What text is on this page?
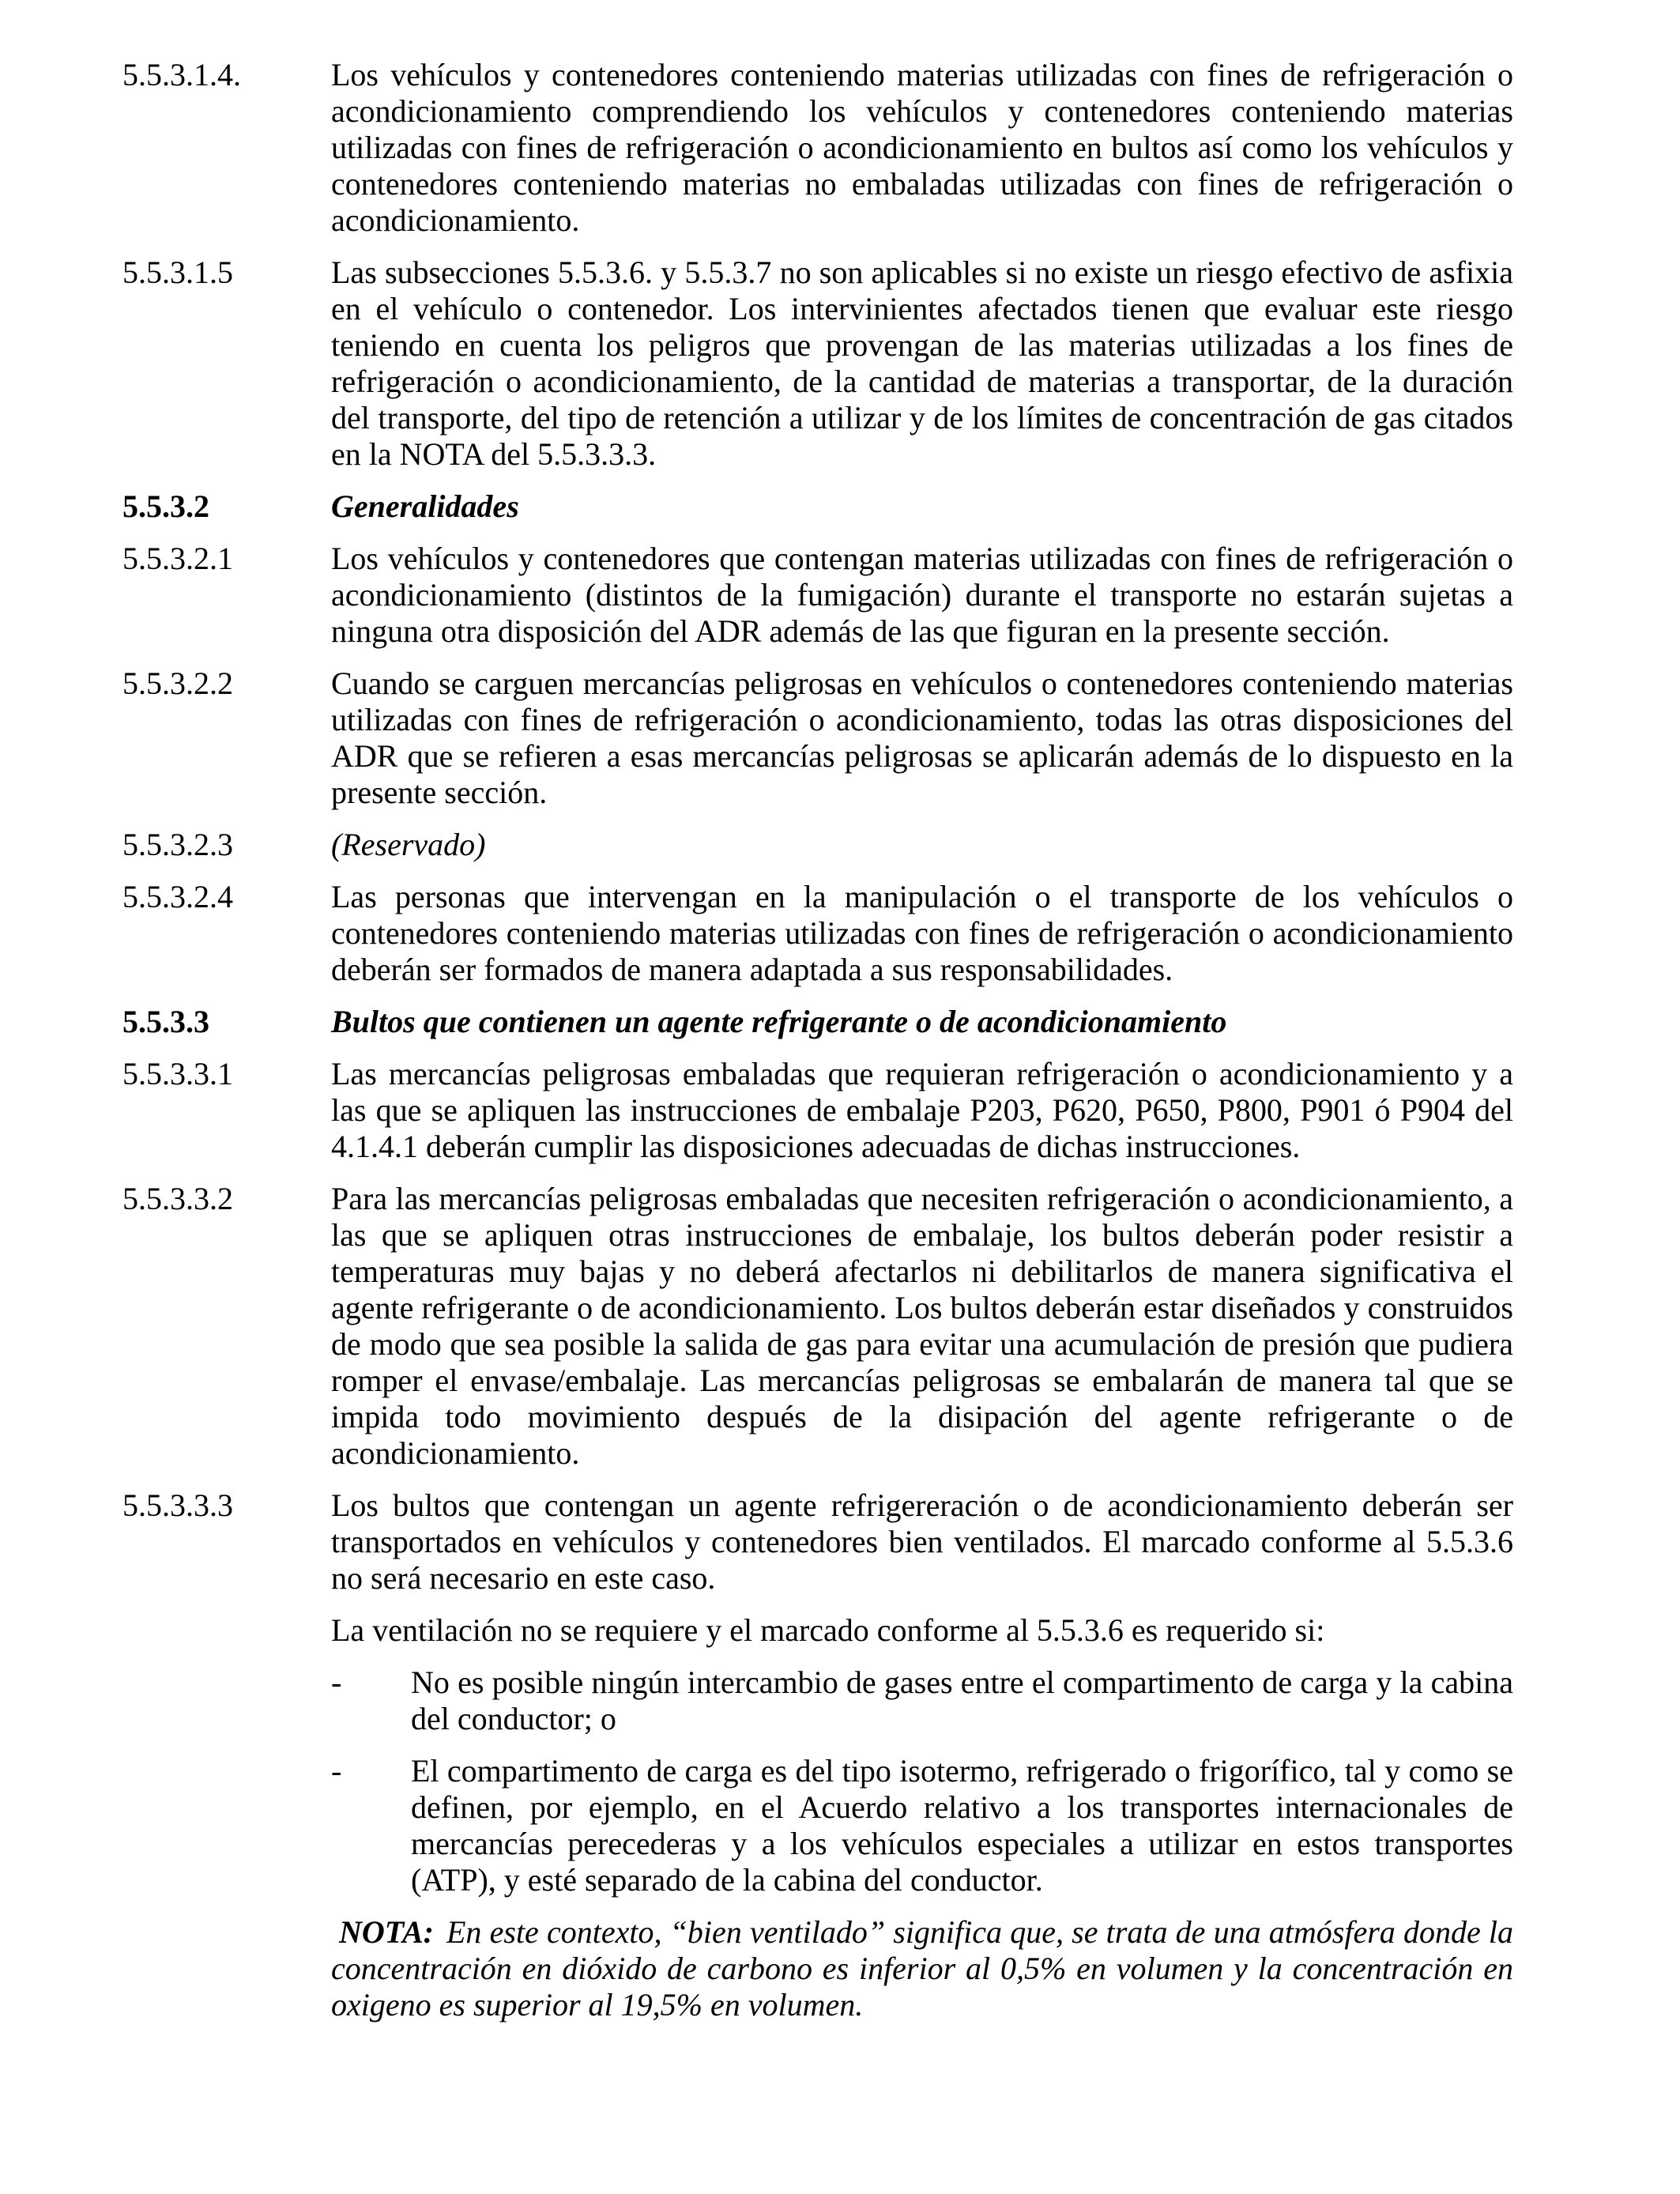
5.5.3.1.4.	Los vehículos y contenedores conteniendo materias utilizadas con fines de refrigeración o acondicionamiento comprendiendo los vehículos y contenedores conteniendo materias utilizadas con fines de refrigeración o acondicionamiento en bultos así como los vehículos y contenedores conteniendo materias no embaladas utilizadas con fines de refrigeración o acondicionamiento.

5.5.3.1.5	Las subsecciones 5.5.3.6. y 5.5.3.7 no son aplicables si no existe un riesgo efectivo de asfixia en el vehículo o contenedor. Los intervinientes afectados tienen que evaluar este riesgo teniendo en cuenta los peligros que provengan de las materias utilizadas a los fines de refrigeración o acondicionamiento, de la cantidad de materias a transportar, de la duración del transporte, del tipo de retención a utilizar y de los límites de concentración de gas citados en la NOTA del 5.5.3.3.3.

5.5.3.2	Generalidades

5.5.3.2.1	Los vehículos y contenedores que contengan materias utilizadas con fines de refrigeración o acondicionamiento (distintos de la fumigación) durante el transporte no estarán sujetas a ninguna otra disposición del ADR además de las que figuran en la presente sección.

5.5.3.2.2	Cuando se carguen mercancías peligrosas en vehículos o contenedores conteniendo materias utilizadas con fines de refrigeración o acondicionamiento, todas las otras disposiciones del ADR que se refieren a esas mercancías peligrosas se aplicarán además de lo dispuesto en la presente sección.

5.5.3.2.3	(Reservado)

5.5.3.2.4	Las personas que intervengan en la manipulación o el transporte de los vehículos o contenedores conteniendo materias utilizadas con fines de refrigeración o acondicionamiento deberán ser formados de manera adaptada a sus responsabilidades.

5.5.3.3	Bultos que contienen un agente refrigerante o de acondicionamiento

5.5.3.3.1	Las mercancías peligrosas embaladas que requieran refrigeración o acondicionamiento y a las que se apliquen las instrucciones de embalaje P203, P620, P650, P800, P901 ó P904 del 4.1.4.1 deberán cumplir las disposiciones adecuadas de dichas instrucciones.

5.5.3.3.2	Para las mercancías peligrosas embaladas que necesiten refrigeración o acondicionamiento, a las que se apliquen otras instrucciones de embalaje, los bultos deberán poder resistir a temperaturas muy bajas y no deberá afectarlos ni debilitarlos de manera significativa el agente refrigerante o de acondicionamiento. Los bultos deberán estar diseñados y construidos de modo que sea posible la salida de gas para evitar una acumulación de presión que pudiera romper el envase/embalaje. Las mercancías peligrosas se embalarán de manera tal que se impida todo movimiento después de la disipación del agente refrigerante o de acondicionamiento.

5.5.3.3.3	Los bultos que contengan un agente refrigereración o de acondicionamiento deberán ser transportados en vehículos y contenedores bien ventilados. El marcado conforme al 5.5.3.6 no será necesario en este caso.

La ventilación no se requiere y el marcado conforme al 5.5.3.6 es requerido si:
-	No es posible ningún intercambio de gases entre el compartimento de carga y la cabina del conductor; o
-	El compartimento de carga es del tipo isotermo, refrigerado o frigorífico, tal y como se definen, por ejemplo, en el Acuerdo relativo a los transportes internacionales de mercancías perecederas y a los vehículos especiales a utilizar en estos transportes (ATP), y esté separado de la cabina del conductor.
NOTA: En este contexto, “bien ventilado” significa que, se trata de una atmósfera donde la concentración en dióxido de carbono es inferior al 0,5% en volumen y la concentración en oxigeno es superior al 19,5% en volumen.
